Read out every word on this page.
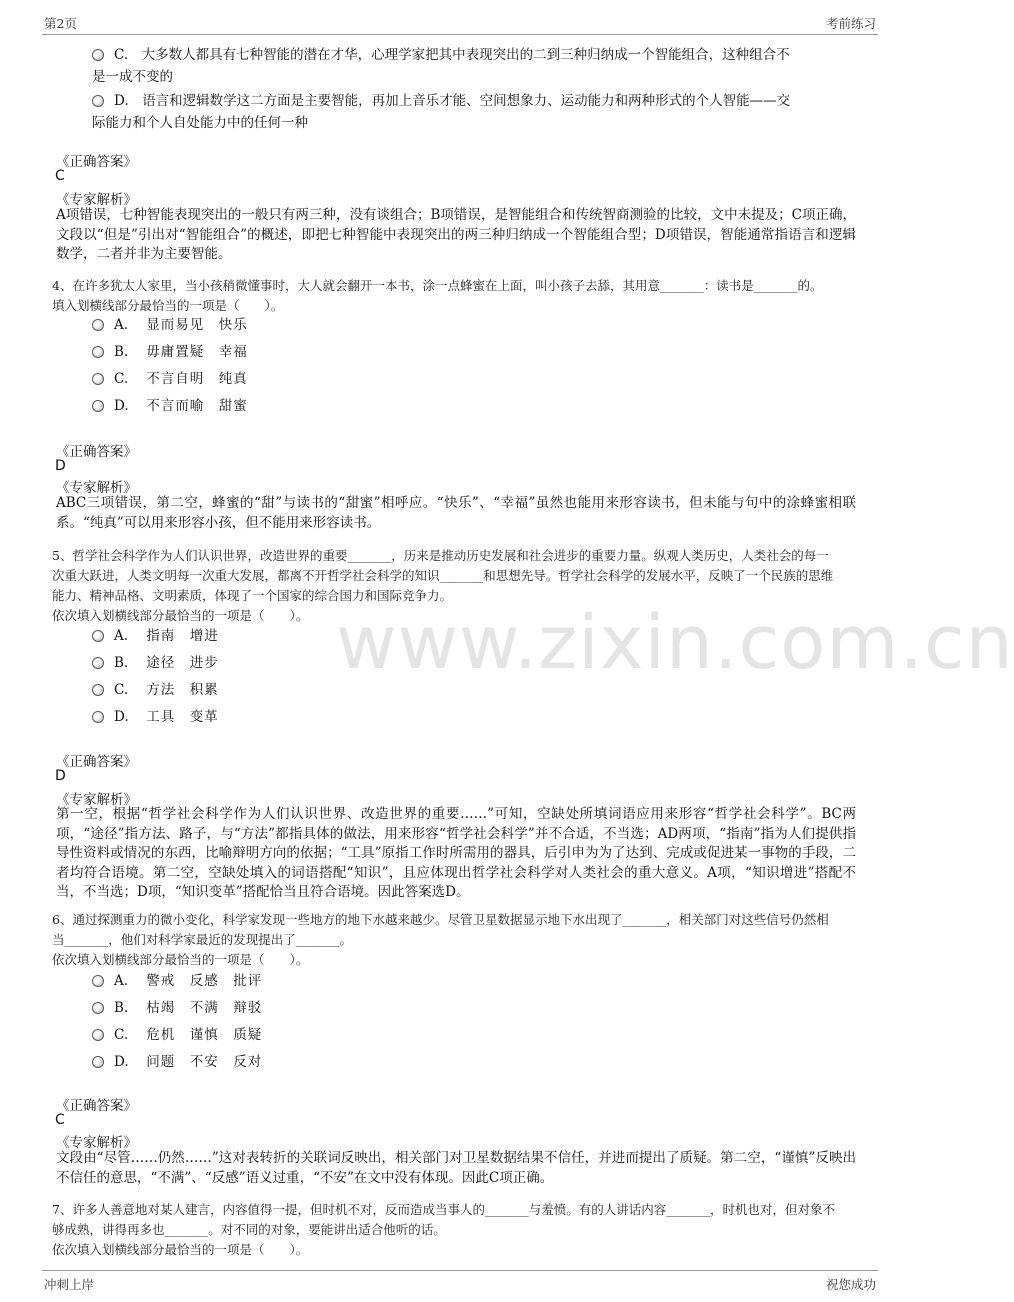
www.zixin.com.cn
第2页	考前练习
C.　大多数人都具有七种智能的潜在才华，心理学家把其中表现突出的二到三种归纳成一个智能组合，这种组合不
是一成不变的
D.　语言和逻辑数学这二方面是主要智能，再加上音乐才能、空间想象力、运动能力和两种形式的个人智能——交
际能力和个人自处能力中的任何一种
《正确答案》
C
《专家解析》
A项错误，七种智能表现突出的一般只有两三种，没有谈组合；B项错误，是智能组合和传统智商测验的比较，文中未提及；C项正确，文段以“但是”引出对“智能组合”的概述，即把七种智能中表现突出的两三种归纳成一个智能组合型；D项错误，智能通常指语言和逻辑数学，二者并非为主要智能。
4、在许多犹太人家里，当小孩稍微懂事时，大人就会翻开一本书，涂一点蜂蜜在上面，叫小孩子去舔，其用意_______：读书是_______的。
填入划横线部分最恰当的一项是（　　）。
A. 显而易见　快乐
B. 毋庸置疑　幸福
C. 不言自明　纯真
D. 不言而喻　甜蜜
《正确答案》
D
《专家解析》
ABC三项错误，第二空，蜂蜜的“甜”与读书的“甜蜜”相呼应。“快乐”、“幸福”虽然也能用来形容读书，但未能与句中的涂蜂蜜相联系。“纯真”可以用来形容小孩，但不能用来形容读书。
5、哲学社会科学作为人们认识世界，改造世界的重要_______，历来是推动历史发展和社会进步的重要力量。纵观人类历史，人类社会的每一
次重大跃进，人类文明每一次重大发展，都离不开哲学社会科学的知识_______和思想先导。哲学社会科学的发展水平，反映了一个民族的思维
能力、精神品格、文明素质，体现了一个国家的综合国力和国际竞争力。
依次填入划横线部分最恰当的一项是（　　）。
A. 指南　增进
B. 途径　进步
C. 方法　积累
D. 工具　变革
《正确答案》
D
《专家解析》
第一空，根据“哲学社会科学作为人们认识世界、改造世界的重要……”可知，空缺处所填词语应用来形容“哲学社会科学”。BC两项，“途径”指方法、路子，与“方法”都指具体的做法，用来形容“哲学社会科学”并不合适，不当选；AD两项，“指南”指为人们提供指导性资料或情况的东西，比喻辩明方向的依据；“工具”原指工作时所需用的器具，后引申为为了达到、完成或促进某一事物的手段，二者均符合语境。第二空，空缺处填入的词语搭配“知识”，且应体现出哲学社会科学对人类社会的重大意义。A项，“知识增进”搭配不当，不当选；D项，“知识变革”搭配恰当且符合语境。因此答案选D。
6、通过探测重力的微小变化，科学家发现一些地方的地下水越来越少。尽管卫星数据显示地下水出现了_______，相关部门对这些信号仍然相
当_______，他们对科学家最近的发现提出了_______。
依次填入划横线部分最恰当的一项是（　　）。
A. 警戒　反感　批评
B. 枯竭　不满　辩驳
C. 危机　谨慎　质疑
D. 问题　不安　反对
《正确答案》
C
《专家解析》
文段由“尽管……仍然……”这对表转折的关联词反映出，相关部门对卫星数据结果不信任，并进而提出了质疑。第二空，“谨慎”反映出不信任的意思，“不满”、“反感”语义过重，“不安”在文中没有体现。因此C项正确。
7、许多人善意地对某人建言，内容值得一提，但时机不对，反而造成当事人的_______与羞愤。有的人讲话内容_______，时机也对，但对象不
够成熟，讲得再多也_______。对不同的对象，要能讲出适合他听的话。
依次填入划横线部分最恰当的一项是（　　）。
冲刺上岸	祝您成功
